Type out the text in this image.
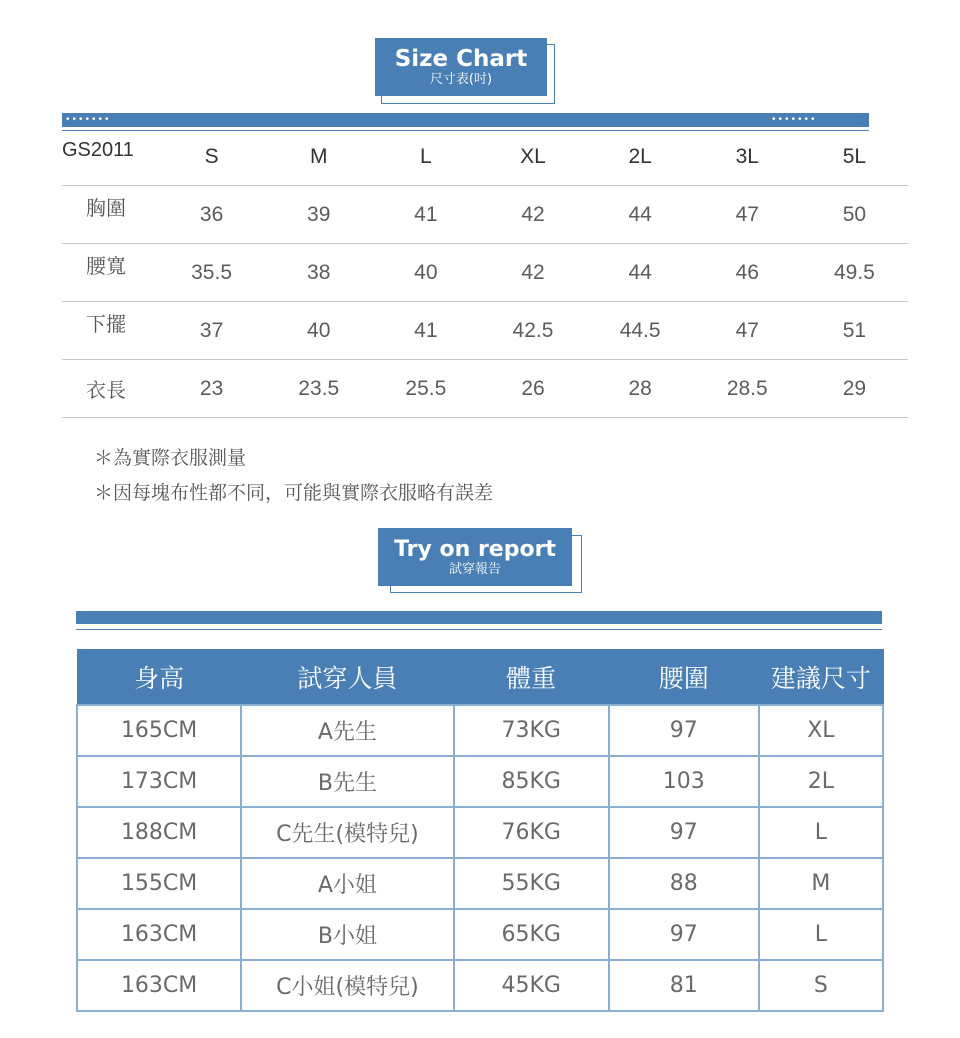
Size Chart
尺寸表(吋)
•••••••	•••••••
GS2011	S	M	L	XL	2L	3L	5L
胸圍	36	39	41	42	44	47	50
腰寬	35.5	38	40	42	44	46	49.5
下擺	37	40	41	42.5	44.5	47	51
衣長	23	23.5	25.5	26	28	28.5	29
＊為實際衣服測量
＊因每塊布性都不同，可能與實際衣服略有誤差
Try on report
試穿報告
身高	試穿人員	體重	腰圍	建議尺寸
165CM	A先生	73KG	97	XL
173CM	B先生	85KG	103	2L
188CM	C先生(模特兒)	76KG	97	L
155CM	A小姐	55KG	88	M
163CM	B小姐	65KG	97	L
163CM	C小姐(模特兒)	45KG	81	S
